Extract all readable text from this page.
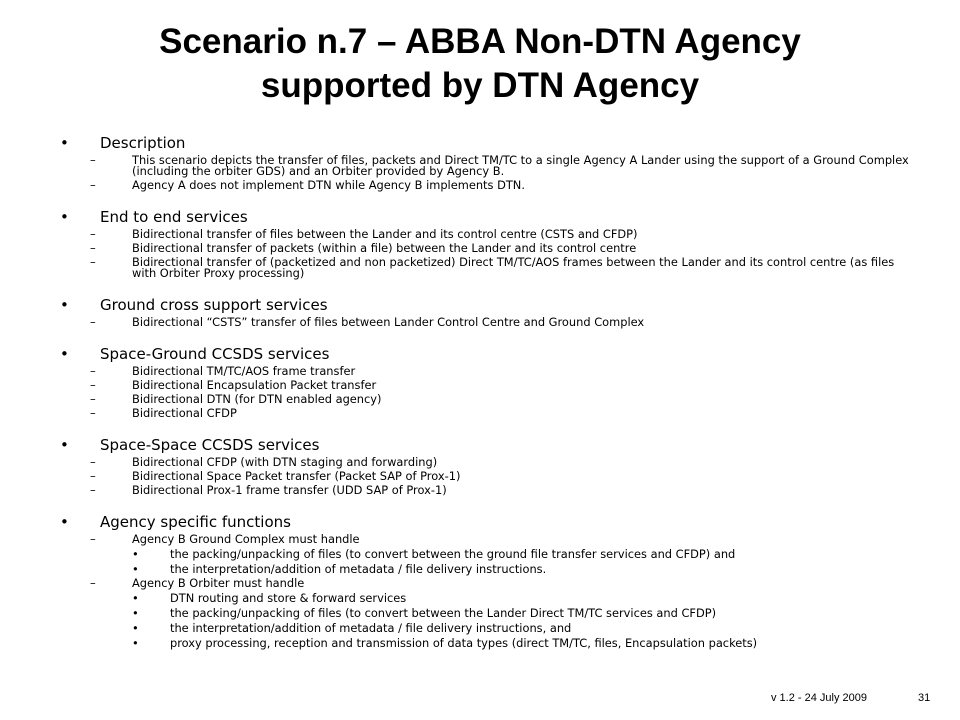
Scenario n.7 – ABBA Non-DTN Agency
supported by DTN Agency
• Description
–	This scenario depicts the transfer of files, packets and Direct TM/TC to a single Agency A Lander using the support of a Ground Complex (including the orbiter GDS) and an Orbiter provided by Agency B.
–	Agency A does not implement DTN while Agency B implements DTN.
• End to end services
–	Bidirectional transfer of files between the Lander and its control centre (CSTS and CFDP)
–	Bidirectional transfer of packets (within a file) between the Lander and its control centre
–	Bidirectional transfer of (packetized and non packetized) Direct TM/TC/AOS frames between the Lander and its control centre (as files with Orbiter Proxy processing)
• Ground cross support services
–	Bidirectional “CSTS” transfer of files between Lander Control Centre and Ground Complex
• Space-Ground CCSDS services
–	Bidirectional TM/TC/AOS frame transfer
–	Bidirectional Encapsulation Packet transfer
–	Bidirectional DTN (for DTN enabled agency)
–	Bidirectional CFDP
• Space-Space CCSDS services
–	Bidirectional CFDP (with DTN staging and forwarding)
–	Bidirectional Space Packet transfer (Packet SAP of Prox-1)
–	Bidirectional Prox-1 frame transfer (UDD SAP of Prox-1)
• Agency specific functions
–	Agency B Ground Complex must handle
•	the packing/unpacking of files (to convert between the ground file transfer services and CFDP) and
•	the interpretation/addition of metadata / file delivery instructions.
–	Agency B Orbiter must handle
•	DTN routing and store & forward services
•	the packing/unpacking of files (to convert between the Lander Direct TM/TC services and CFDP)
•	the interpretation/addition of metadata / file delivery instructions, and
•	proxy processing, reception and transmission of data types (direct TM/TC, files, Encapsulation packets)
v 1.2 - 24 July 2009	31
